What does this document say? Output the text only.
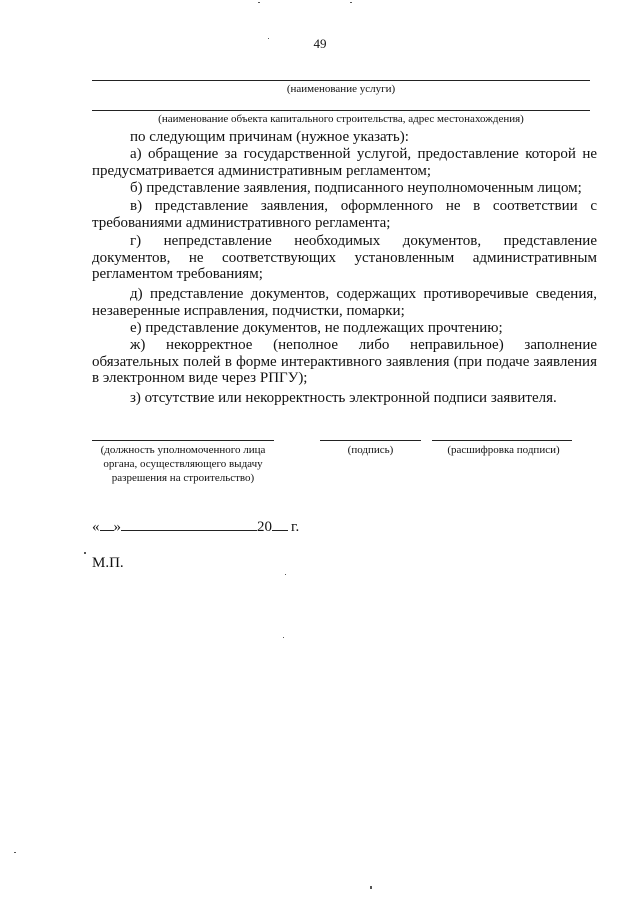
49
(наименование услуги)
(наименование объекта капитального строительства, адрес местонахождения)
по следующим причинам (нужное указать):
а) обращение за государственной услугой, предоставление которой не предусматривается административным регламентом;
б) представление заявления, подписанного неуполномоченным лицом;
в) представление заявления, оформленного не в соответствии с требованиями административного регламента;
г) непредставление необходимых документов, представление документов, не соответствующих установленным административным регламентом требованиям;
д) представление документов, содержащих противоречивые сведения, незаверенные исправления, подчистки, помарки;
е) представление документов, не подлежащих прочтению;
ж) некорректное (неполное либо неправильное) заполнение обязательных полей в форме интерактивного заявления (при подаче заявления в электронном виде через РПГУ);
з) отсутствие или некорректность электронной подписи заявителя.
(должность уполномоченного лица органа, осуществляющего выдачу разрешения на строительство)
(подпись)	(расшифровка подписи)
« »	20 г.
М.П.
